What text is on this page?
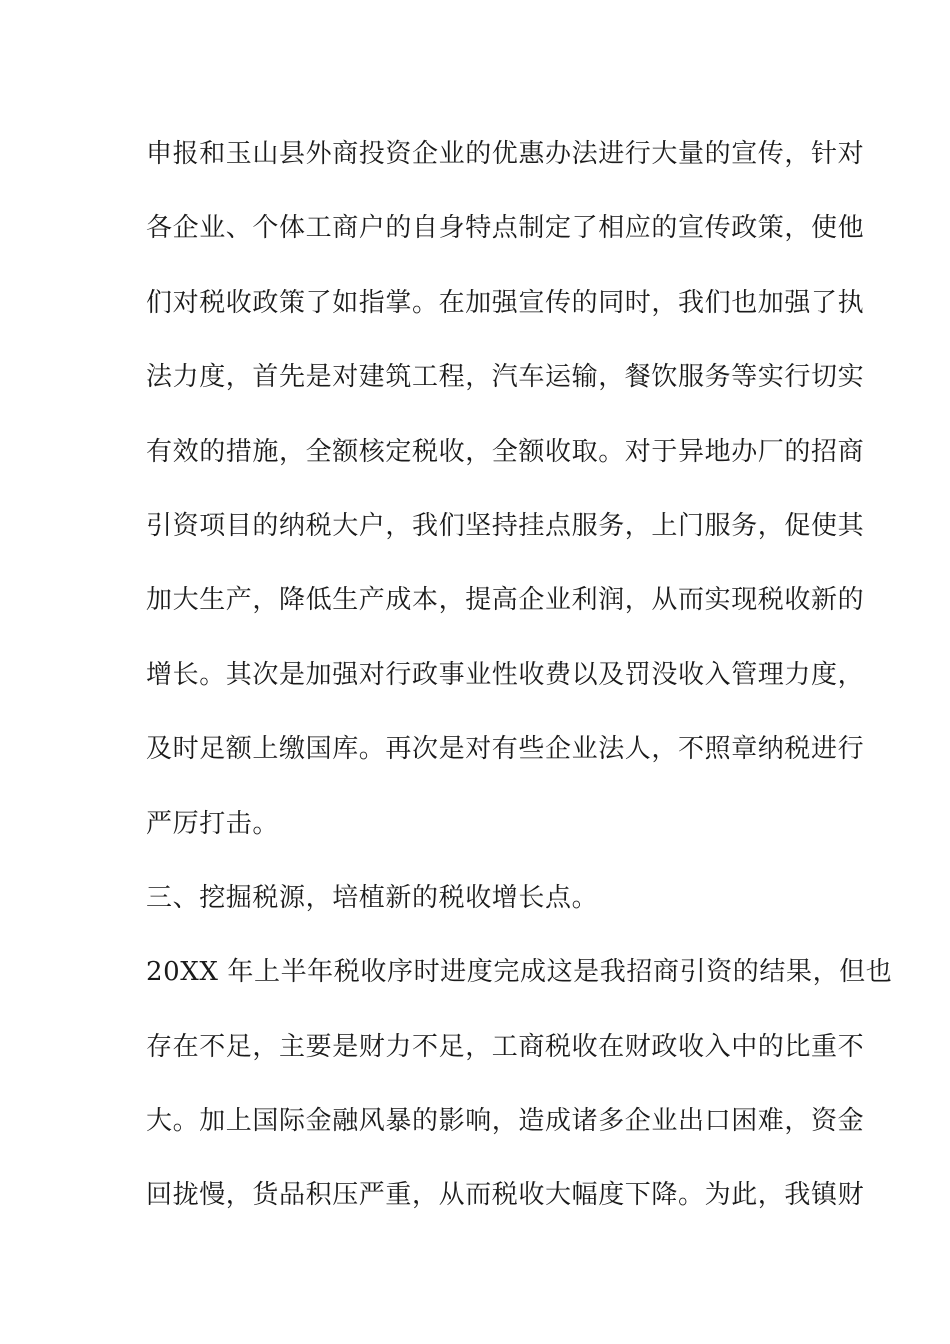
申报和玉山县外商投资企业的优惠办法进行大量的宣传，针对
各企业、个体工商户的自身特点制定了相应的宣传政策，使他
们对税收政策了如指掌。在加强宣传的同时，我们也加强了执
法力度，首先是对建筑工程，汽车运输，餐饮服务等实行切实
有效的措施，全额核定税收，全额收取。对于异地办厂的招商
引资项目的纳税大户，我们坚持挂点服务，上门服务，促使其
加大生产，降低生产成本，提高企业利润，从而实现税收新的
增长。其次是加强对行政事业性收费以及罚没收入管理力度，
及时足额上缴国库。再次是对有些企业法人，不照章纳税进行
严厉打击。
三、挖掘税源，培植新的税收增长点。
20XX 年上半年税收序时进度完成这是我招商引资的结果，但也
存在不足，主要是财力不足，工商税收在财政收入中的比重不
大。加上国际金融风暴的影响，造成诸多企业出口困难，资金
回拢慢，货品积压严重，从而税收大幅度下降。为此，我镇财
